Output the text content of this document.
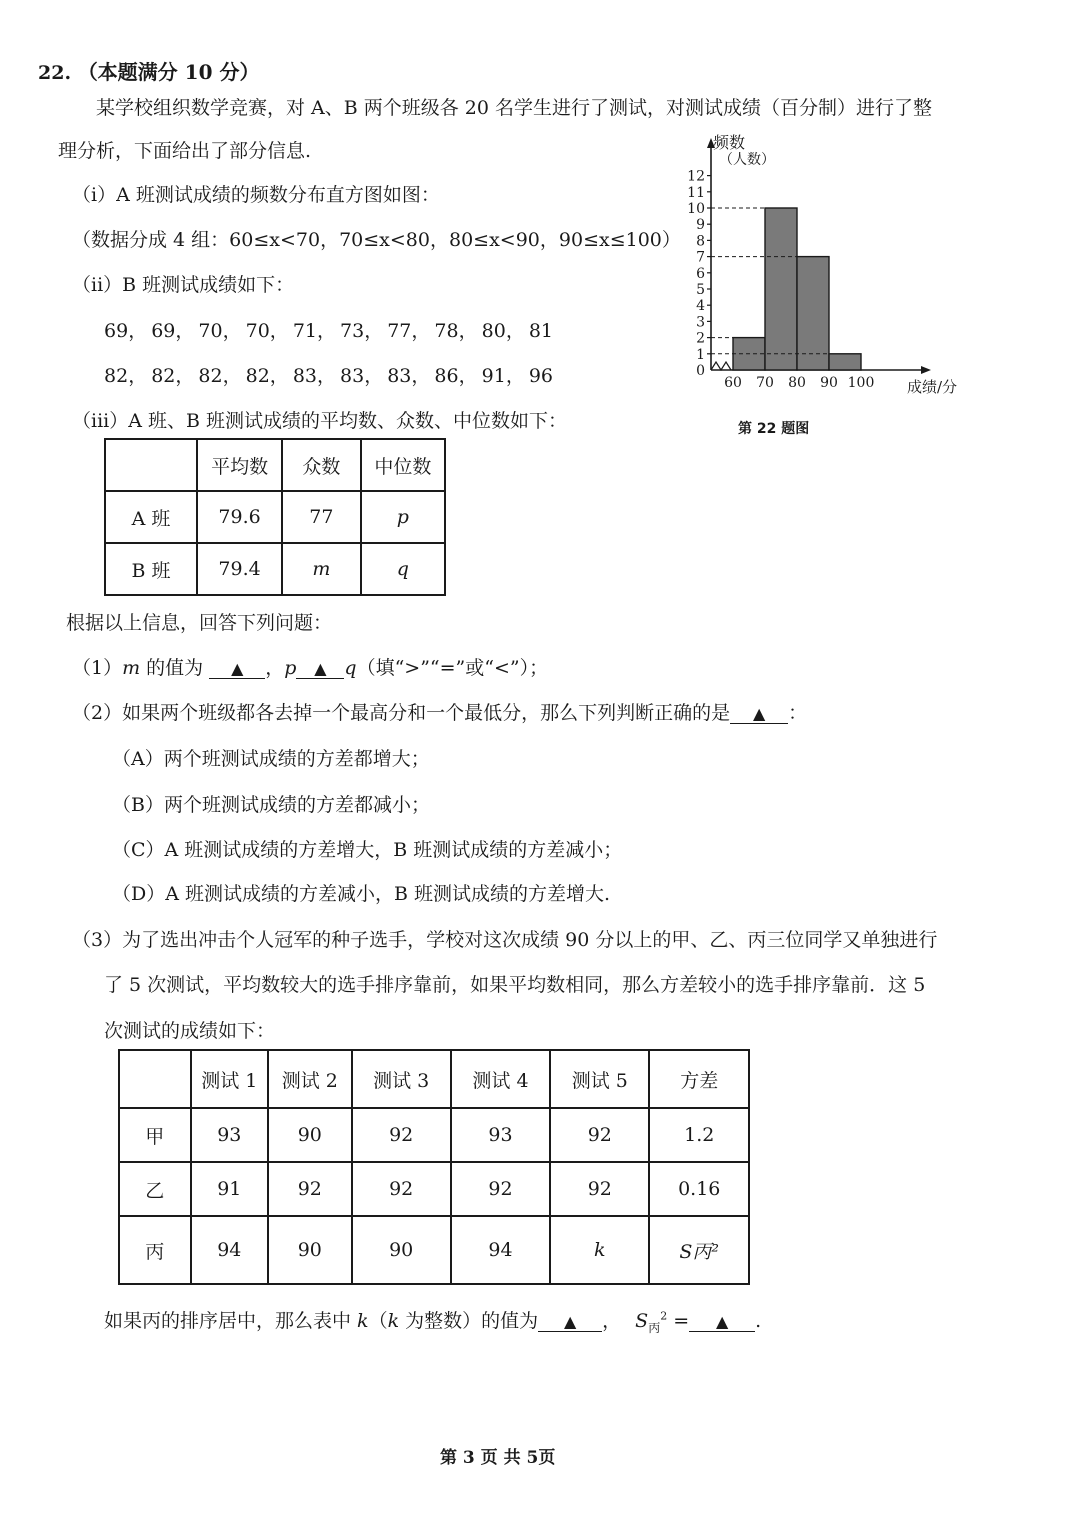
22. （本题满分 10 分）
某学校组织数学竞赛，对 A、B 两个班级各 20 名学生进行了测试，对测试成绩（百分制）进行了整
理分析，下面给出了部分信息.
（i）A 班测试成绩的频数分布直方图如图：
（数据分成 4 组：60≤x<70，70≤x<80，80≤x<90，90≤x≤100）
（ii）B 班测试成绩如下：
69， 69， 70， 70， 71， 73， 77， 78， 80， 81
82， 82， 82， 82， 83， 83， 83， 86， 91， 96
（iii）A 班、B 班测试成绩的平均数、众数、中位数如下：
	平均数	众数	中位数
A 班	79.6	77	p
B 班	79.4	m	q
0
1
2
3
4
5
6
7
8
9
10
11
12
60 70 80 90 100
频数
（人数）
成绩/分
第 22 题图
根据以上信息，回答下列问题：
（1）m 的值为 ▲ ，p ▲ q（填“>”“=”或“<”）；
（2）如果两个班级都各去掉一个最高分和一个最低分，那么下列判断正确的是 ▲ ：
（A）两个班测试成绩的方差都增大；
（B）两个班测试成绩的方差都减小；
（C）A 班测试成绩的方差增大，B 班测试成绩的方差减小；
（D）A 班测试成绩的方差减小，B 班测试成绩的方差增大.
（3）为了选出冲击个人冠军的种子选手，学校对这次成绩 90 分以上的甲、乙、丙三位同学又单独进行
了 5 次测试，平均数较大的选手排序靠前，如果平均数相同，那么方差较小的选手排序靠前．这 5
次测试的成绩如下：
	测试 1	测试 2	测试 3	测试 4	测试 5	方差
甲	93	90	92	93	92	1.2
乙	91	92	92	92	92	0.16
丙	94	90	90	94	k	S丙²
如果丙的排序居中，那么表中 k（k 为整数）的值为 ▲ ， $S_丙^2$ = ▲ .
第 3 页 共 5页
